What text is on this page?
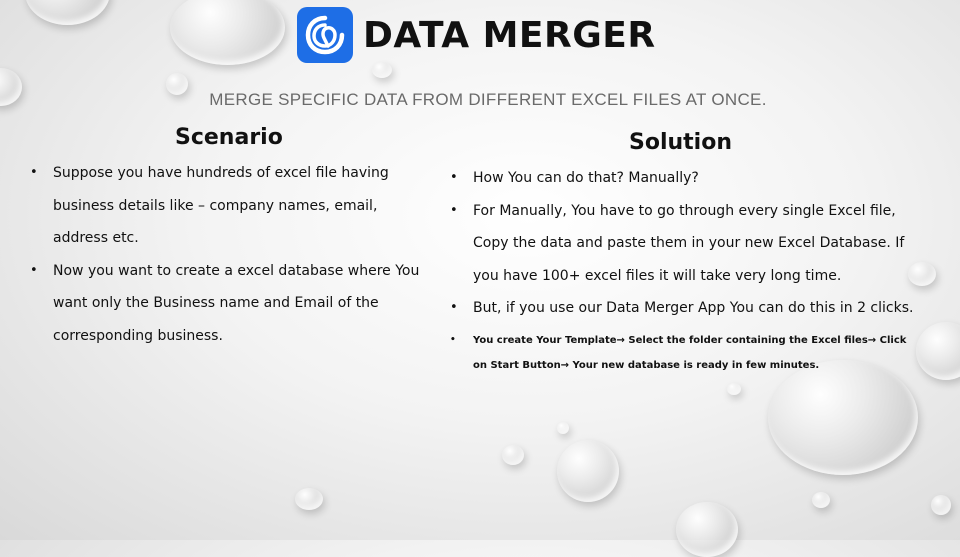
DATA MERGER
MERGE SPECIFIC DATA FROM DIFFERENT EXCEL FILES AT ONCE.
Scenario
• Suppose you have hundreds of excel file having business details like – company names, email, address etc.
• Now you want to create a excel database where You want only the Business name and Email of the corresponding business.
Solution
• How You can do that? Manually?
• For Manually, You have to go through every single Excel file, Copy the data and paste them in your new Excel Database. If you have 100+ excel files it will take very long time.
• But, if you use our Data Merger App You can do this in 2 clicks.
• You create Your Template→ Select the folder containing the Excel files→ Click on Start Button→ Your new database is ready in few minutes.
